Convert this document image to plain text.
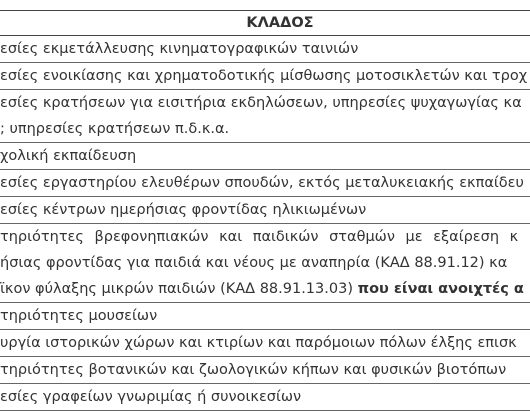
ΚΛΑΔΟΣ
εσίες εκμετάλλευσης κινηματογραφικών ταινιών
εσίες ενοικίασης και χρηματοδοτικής μίσθωσης μοτοσικλετών και τροχ
εσίες κρατήσεων για εισιτήρια εκδηλώσεων, υπηρεσίες ψυχαγωγίας κα
; υπηρεσίες κρατήσεων π.δ.κ.α.
χολική εκπαίδευση
εσίες εργαστηρίου ελευθέρων σπουδών, εκτός μεταλυκειακής εκπαίδευ
εσίες κέντρων ημερήσιας φροντίδας ηλικιωμένων
τηριότητες βρεφονηπιακών και παιδικών σταθμών με εξαίρεση κ
ήσιας φροντίδας για παιδιά και νέους με αναπηρία (ΚΑΔ 88.91.12) κα
ϊκον φύλαξης μικρών παιδιών (ΚΑΔ 88.91.13.03) που είναι ανοιχτές α
τηριότητες μουσείων
υργία ιστορικών χώρων και κτιρίων και παρόμοιων πόλων έλξης επισκ
τηριότητες βοτανικών και ζωολογικών κήπων και φυσικών βιοτόπων
εσίες γραφείων γνωριμίας ή συνοικεσίων
